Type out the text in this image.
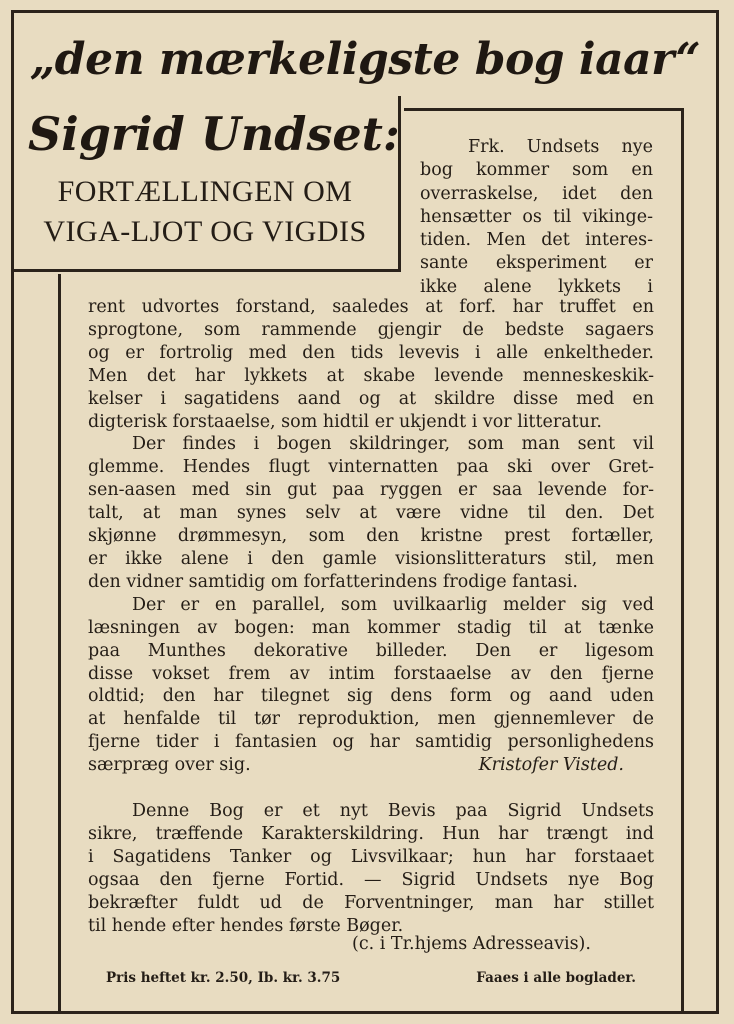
„den mærkeligste bog iaar“
Sigrid Undset:
FORTÆLLINGEN OM
VIGA-LJOT OG VIGDIS
Frk. Undsets nye
bog kommer som en
overraskelse, idet den
hensætter os til vikinge-
tiden. Men det interes-
sante eksperiment er
ikke alene lykkets i
rent udvortes forstand, saaledes at forf. har truffet en
sprogtone, som rammende gjengir de bedste sagaers
og er fortrolig med den tids levevis i alle enkeltheder.
Men det har lykkets at skabe levende menneskeskik-
kelser i sagatidens aand og at skildre disse med en
digterisk forstaaelse, som hidtil er ukjendt i vor litteratur.
Der findes i bogen skildringer, som man sent vil
glemme. Hendes flugt vinternatten paa ski over Gret-
sen-aasen med sin gut paa ryggen er saa levende for-
talt, at man synes selv at være vidne til den. Det
skjønne drømmesyn, som den kristne prest fortæller,
er ikke alene i den gamle visionslitteraturs stil, men
den vidner samtidig om forfatterindens frodige fantasi.
Der er en parallel, som uvilkaarlig melder sig ved
læsningen av bogen: man kommer stadig til at tænke
paa Munthes dekorative billeder. Den er ligesom
disse vokset frem av intim forstaaelse av den fjerne
oldtid; den har tilegnet sig dens form og aand uden
at henfalde til tør reproduktion, men gjennemlever de
fjerne tider i fantasien og har samtidig personlighedens
særpræg over sig.	Kristofer Visted.
Denne Bog er et nyt Bevis paa Sigrid Undsets
sikre, træffende Karakterskildring. Hun har trængt ind
i Sagatidens Tanker og Livsvilkaar; hun har forstaaet
ogsaa den fjerne Fortid. — Sigrid Undsets nye Bog
bekræfter fuldt ud de Forventninger, man har stillet
til hende efter hendes første Bøger.
(c. i Tr.hjems Adresseavis).
Pris heftet kr. 2.50, Ib. kr. 3.75	Faaes i alle boglader.
